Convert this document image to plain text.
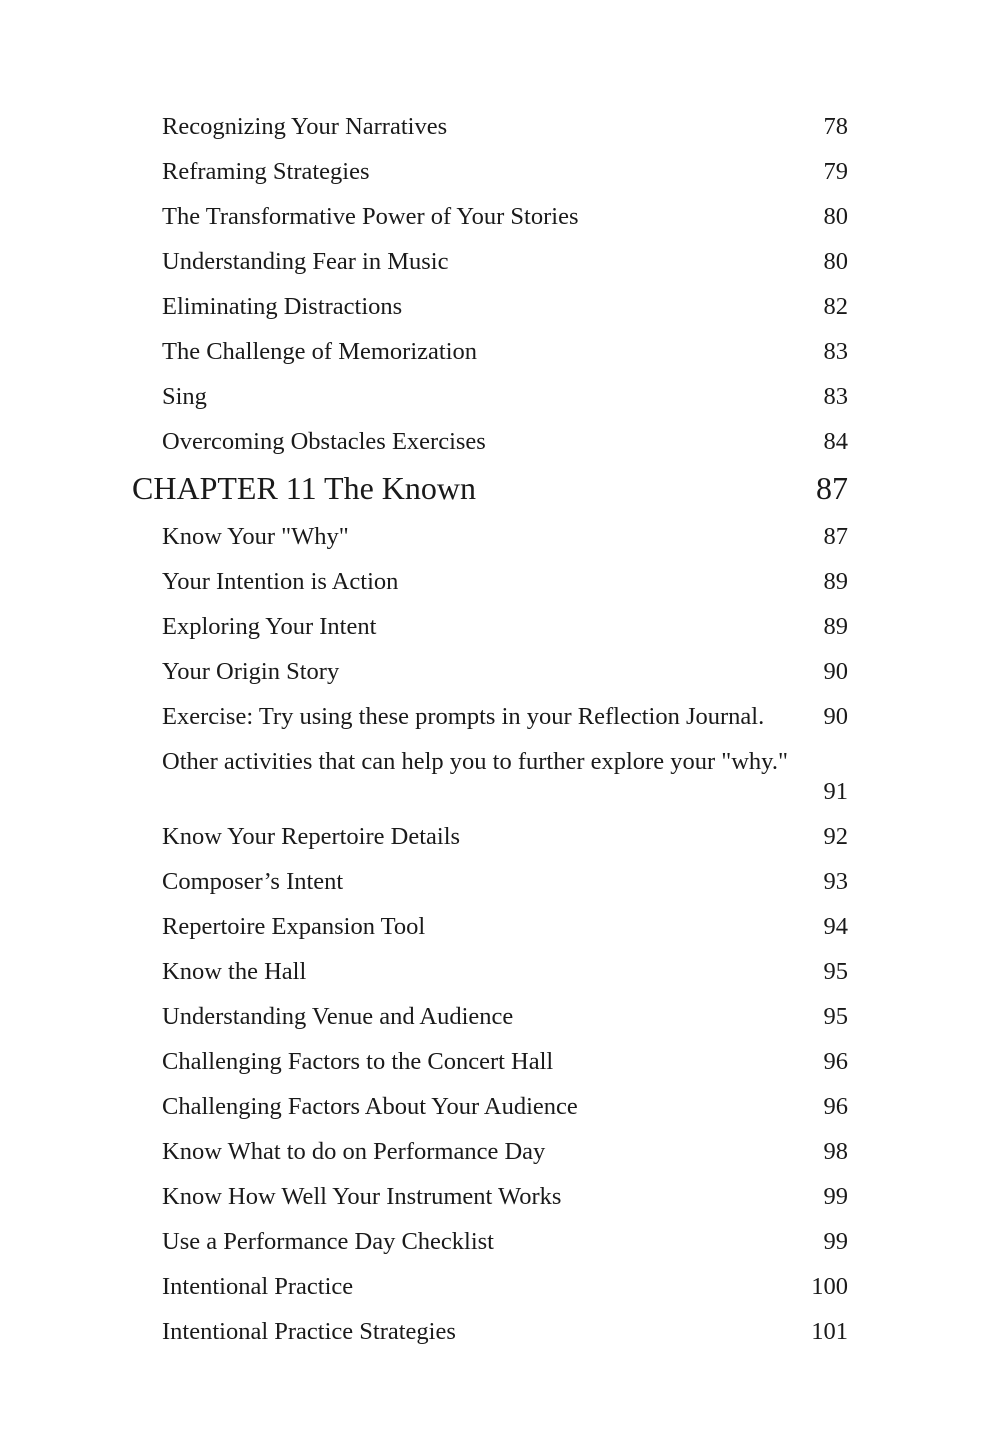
Recognizing Your Narratives	78
Reframing Strategies	79
The Transformative Power of Your Stories	80
Understanding Fear in Music	80
Eliminating Distractions	82
The Challenge of Memorization	83
Sing	83
Overcoming Obstacles Exercises	84
CHAPTER 11 The Known	87
Know Your "Why"	87
Your Intention is Action	89
Exploring Your Intent	89
Your Origin Story	90
Exercise: Try using these prompts in your Reflection Journal. 90
Other activities that can help you to further explore your "why."
91
Know Your Repertoire Details	92
Composer’s Intent	93
Repertoire Expansion Tool	94
Know the Hall	95
Understanding Venue and Audience	95
Challenging Factors to the Concert Hall	96
Challenging Factors About Your Audience	96
Know What to do on Performance Day	98
Know How Well Your Instrument Works	99
Use a Performance Day Checklist	99
Intentional Practice	100
Intentional Practice Strategies	101
